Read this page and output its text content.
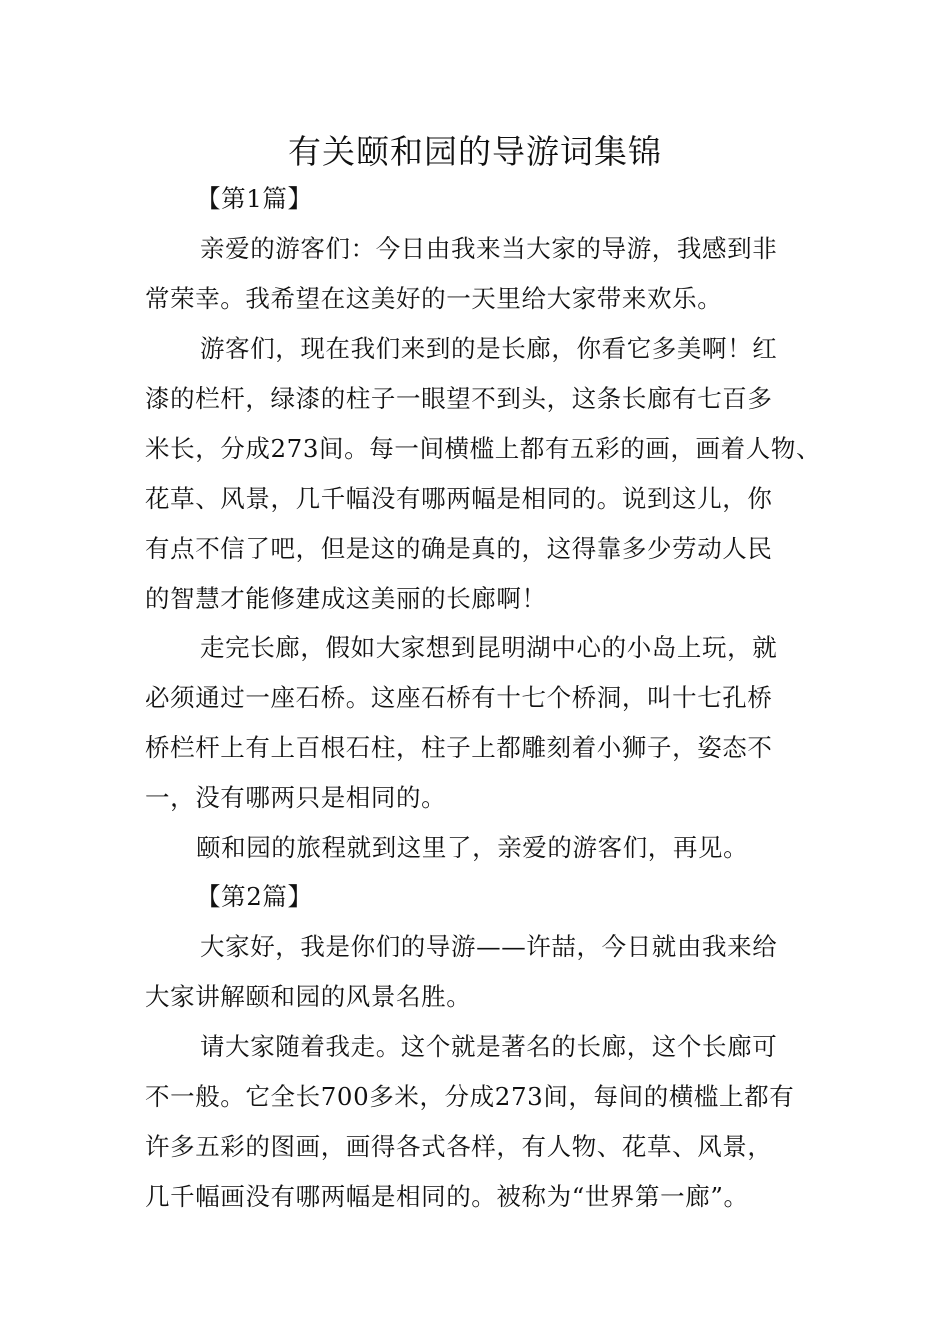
有关颐和园的导游词集锦
【第1篇】
亲爱的游客们：今日由我来当大家的导游，我感到非
常荣幸。我希望在这美好的一天里给大家带来欢乐。
游客们，现在我们来到的是长廊，你看它多美啊！红
漆的栏杆，绿漆的柱子一眼望不到头，这条长廊有七百多
米长，分成273间。每一间横槛上都有五彩的画，画着人物、
花草、风景，几千幅没有哪两幅是相同的。说到这儿，你
有点不信了吧，但是这的确是真的，这得靠多少劳动人民
的智慧才能修建成这美丽的长廊啊！
走完长廊，假如大家想到昆明湖中心的小岛上玩，就
必须通过一座石桥。这座石桥有十七个桥洞，叫十七孔桥
桥栏杆上有上百根石柱，柱子上都雕刻着小狮子，姿态不
一，没有哪两只是相同的。
颐和园的旅程就到这里了，亲爱的游客们，再见。
【第2篇】
大家好，我是你们的导游——许喆，今日就由我来给
大家讲解颐和园的风景名胜。
请大家随着我走。这个就是著名的长廊，这个长廊可
不一般。它全长700多米，分成273间，每间的横槛上都有
许多五彩的图画，画得各式各样，有人物、花草、风景，
几千幅画没有哪两幅是相同的。被称为“世界第一廊”。
